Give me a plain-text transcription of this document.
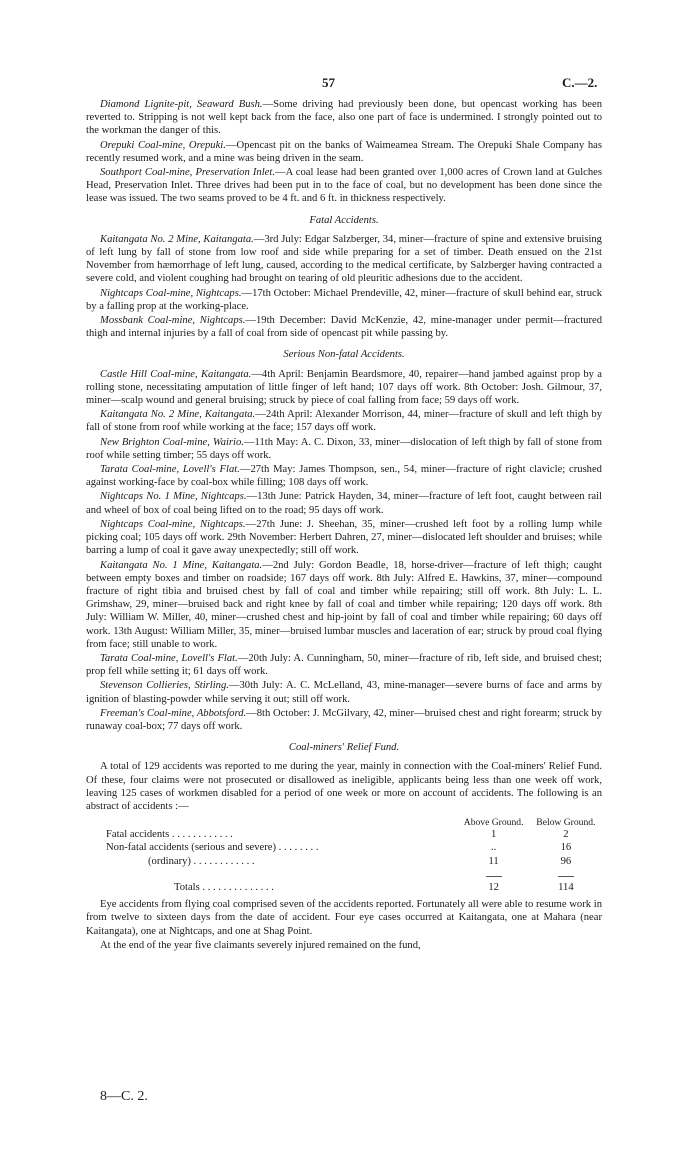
57	C.—2.

Diamond Lignite-pit, Seaward Bush.—Some driving had previously been done, but opencast working has been reverted to. Stripping is not well kept back from the face, also one part of face is undermined. I strongly pointed out to the workman the danger of this.

Orepuki Coal-mine, Orepuki.—Opencast pit on the banks of Waimeamea Stream. The Orepuki Shale Company has recently resumed work, and a mine was being driven in the seam.

Southport Coal-mine, Preservation Inlet.—A coal lease had been granted over 1,000 acres of Crown land at Gulches Head, Preservation Inlet. Three drives had been put in to the face of coal, but no development has been done since the lease was issued. The two seams proved to be 4 ft. and 6 ft. in thickness respectively.

Fatal Accidents.

Kaitangata No. 2 Mine, Kaitangata.—3rd July: Edgar Salzberger, 34, miner—fracture of spine and extensive bruising of left lung by fall of stone from low roof and side while preparing for a set of timber. Death ensued on the 21st November from hæmorrhage of left lung, caused, according to the medical certificate, by Salzberger having contracted a severe cold, and violent coughing had brought on tearing of old pleuritic adhesions due to the accident.

Nightcaps Coal-mine, Nightcaps.—17th October: Michael Prendeville, 42, miner—fracture of skull behind ear, struck by a falling prop at the working-place.

Mossbank Coal-mine, Nightcaps.—19th December: David McKenzie, 42, mine-manager under permit—fractured thigh and internal injuries by a fall of coal from side of opencast pit while passing by.

Serious Non-fatal Accidents.

Castle Hill Coal-mine, Kaitangata.—4th April: Benjamin Beardsmore, 40, repairer—hand jambed against prop by a rolling stone, necessitating amputation of little finger of left hand; 107 days off work. 8th October: Josh. Gilmour, 37, miner—scalp wound and general bruising; struck by piece of coal falling from face; 59 days off work.

Kaitangata No. 2 Mine, Kaitangata.—24th April: Alexander Morrison, 44, miner—fracture of skull and left thigh by fall of stone from roof while working at the face; 157 days off work.

New Brighton Coal-mine, Wairio.—11th May: A. C. Dixon, 33, miner—dislocation of left thigh by fall of stone from roof while setting timber; 55 days off work.

Tarata Coal-mine, Lovell's Flat.—27th May: James Thompson, sen., 54, miner—fracture of right clavicle; crushed against working-face by coal-box while filling; 108 days off work.

Nightcaps No. 1 Mine, Nightcaps.—13th June: Patrick Hayden, 34, miner—fracture of left foot, caught between rail and wheel of box of coal being lifted on to the road; 95 days off work.

Nightcaps Coal-mine, Nightcaps.—27th June: J. Sheehan, 35, miner—crushed left foot by a rolling lump while picking coal; 105 days off work. 29th November: Herbert Dahren, 27, miner—dislocated left shoulder and bruises; while barring a lump of coal it gave away unexpectedly; still off work.

Kaitangata No. 1 Mine, Kaitangata.—2nd July: Gordon Beadle, 18, horse-driver—fracture of left thigh; caught between empty boxes and timber on roadside; 167 days off work. 8th July: Alfred E. Hawkins, 37, miner—compound fracture of right tibia and bruised chest by fall of coal and timber while repairing; still off work. 8th July: L. L. Grimshaw, 29, miner—bruised back and right knee by fall of coal and timber while repairing; 120 days off work. 8th July: William W. Miller, 40, miner—crushed chest and hip-joint by fall of coal and timber while repairing; 60 days off work. 13th August: William Miller, 35, miner—bruised lumbar muscles and laceration of ear; struck by proud coal flying from face; still unable to work.

Tarata Coal-mine, Lovell's Flat.—20th July: A. Cunningham, 50, miner—fracture of rib, left side, and bruised chest; prop fell while setting it; 61 days off work.

Stevenson Collieries, Stirling.—30th July: A. C. McLelland, 43, mine-manager—severe burns of face and arms by ignition of blasting-powder while serving it out; still off work.

Freeman's Coal-mine, Abbotsford.—8th October: J. McGilvary, 42, miner—bruised chest and right forearm; struck by runaway coal-box; 77 days off work.

Coal-miners' Relief Fund.

A total of 129 accidents was reported to me during the year, mainly in connection with the Coal-miners' Relief Fund. Of these, four claims were not prosecuted or disallowed as ineligible, applicants being less than one week off work, leaving 125 cases of workmen disabled for a period of one week or more on account of accidents. The following is an abstract of accidents :—

	Above Ground.	Below Ground.
Fatal accidents . . . . . . . . . . . .	1	2
Non-fatal accidents (serious and severe) . . . . . . . .	..	16
(ordinary) . . . . . . . . . . . .	11	96

Totals . . . . . . . . . . . . . .	12	114

Eye accidents from flying coal comprised seven of the accidents reported. Fortunately all were able to resume work in from twelve to sixteen days from the date of accident. Four eye cases occurred at Kaitangata, one at Mahara (near Kaitangata), one at Nightcaps, and one at Shag Point.

At the end of the year five claimants severely injured remained on the fund,

8—C. 2.
